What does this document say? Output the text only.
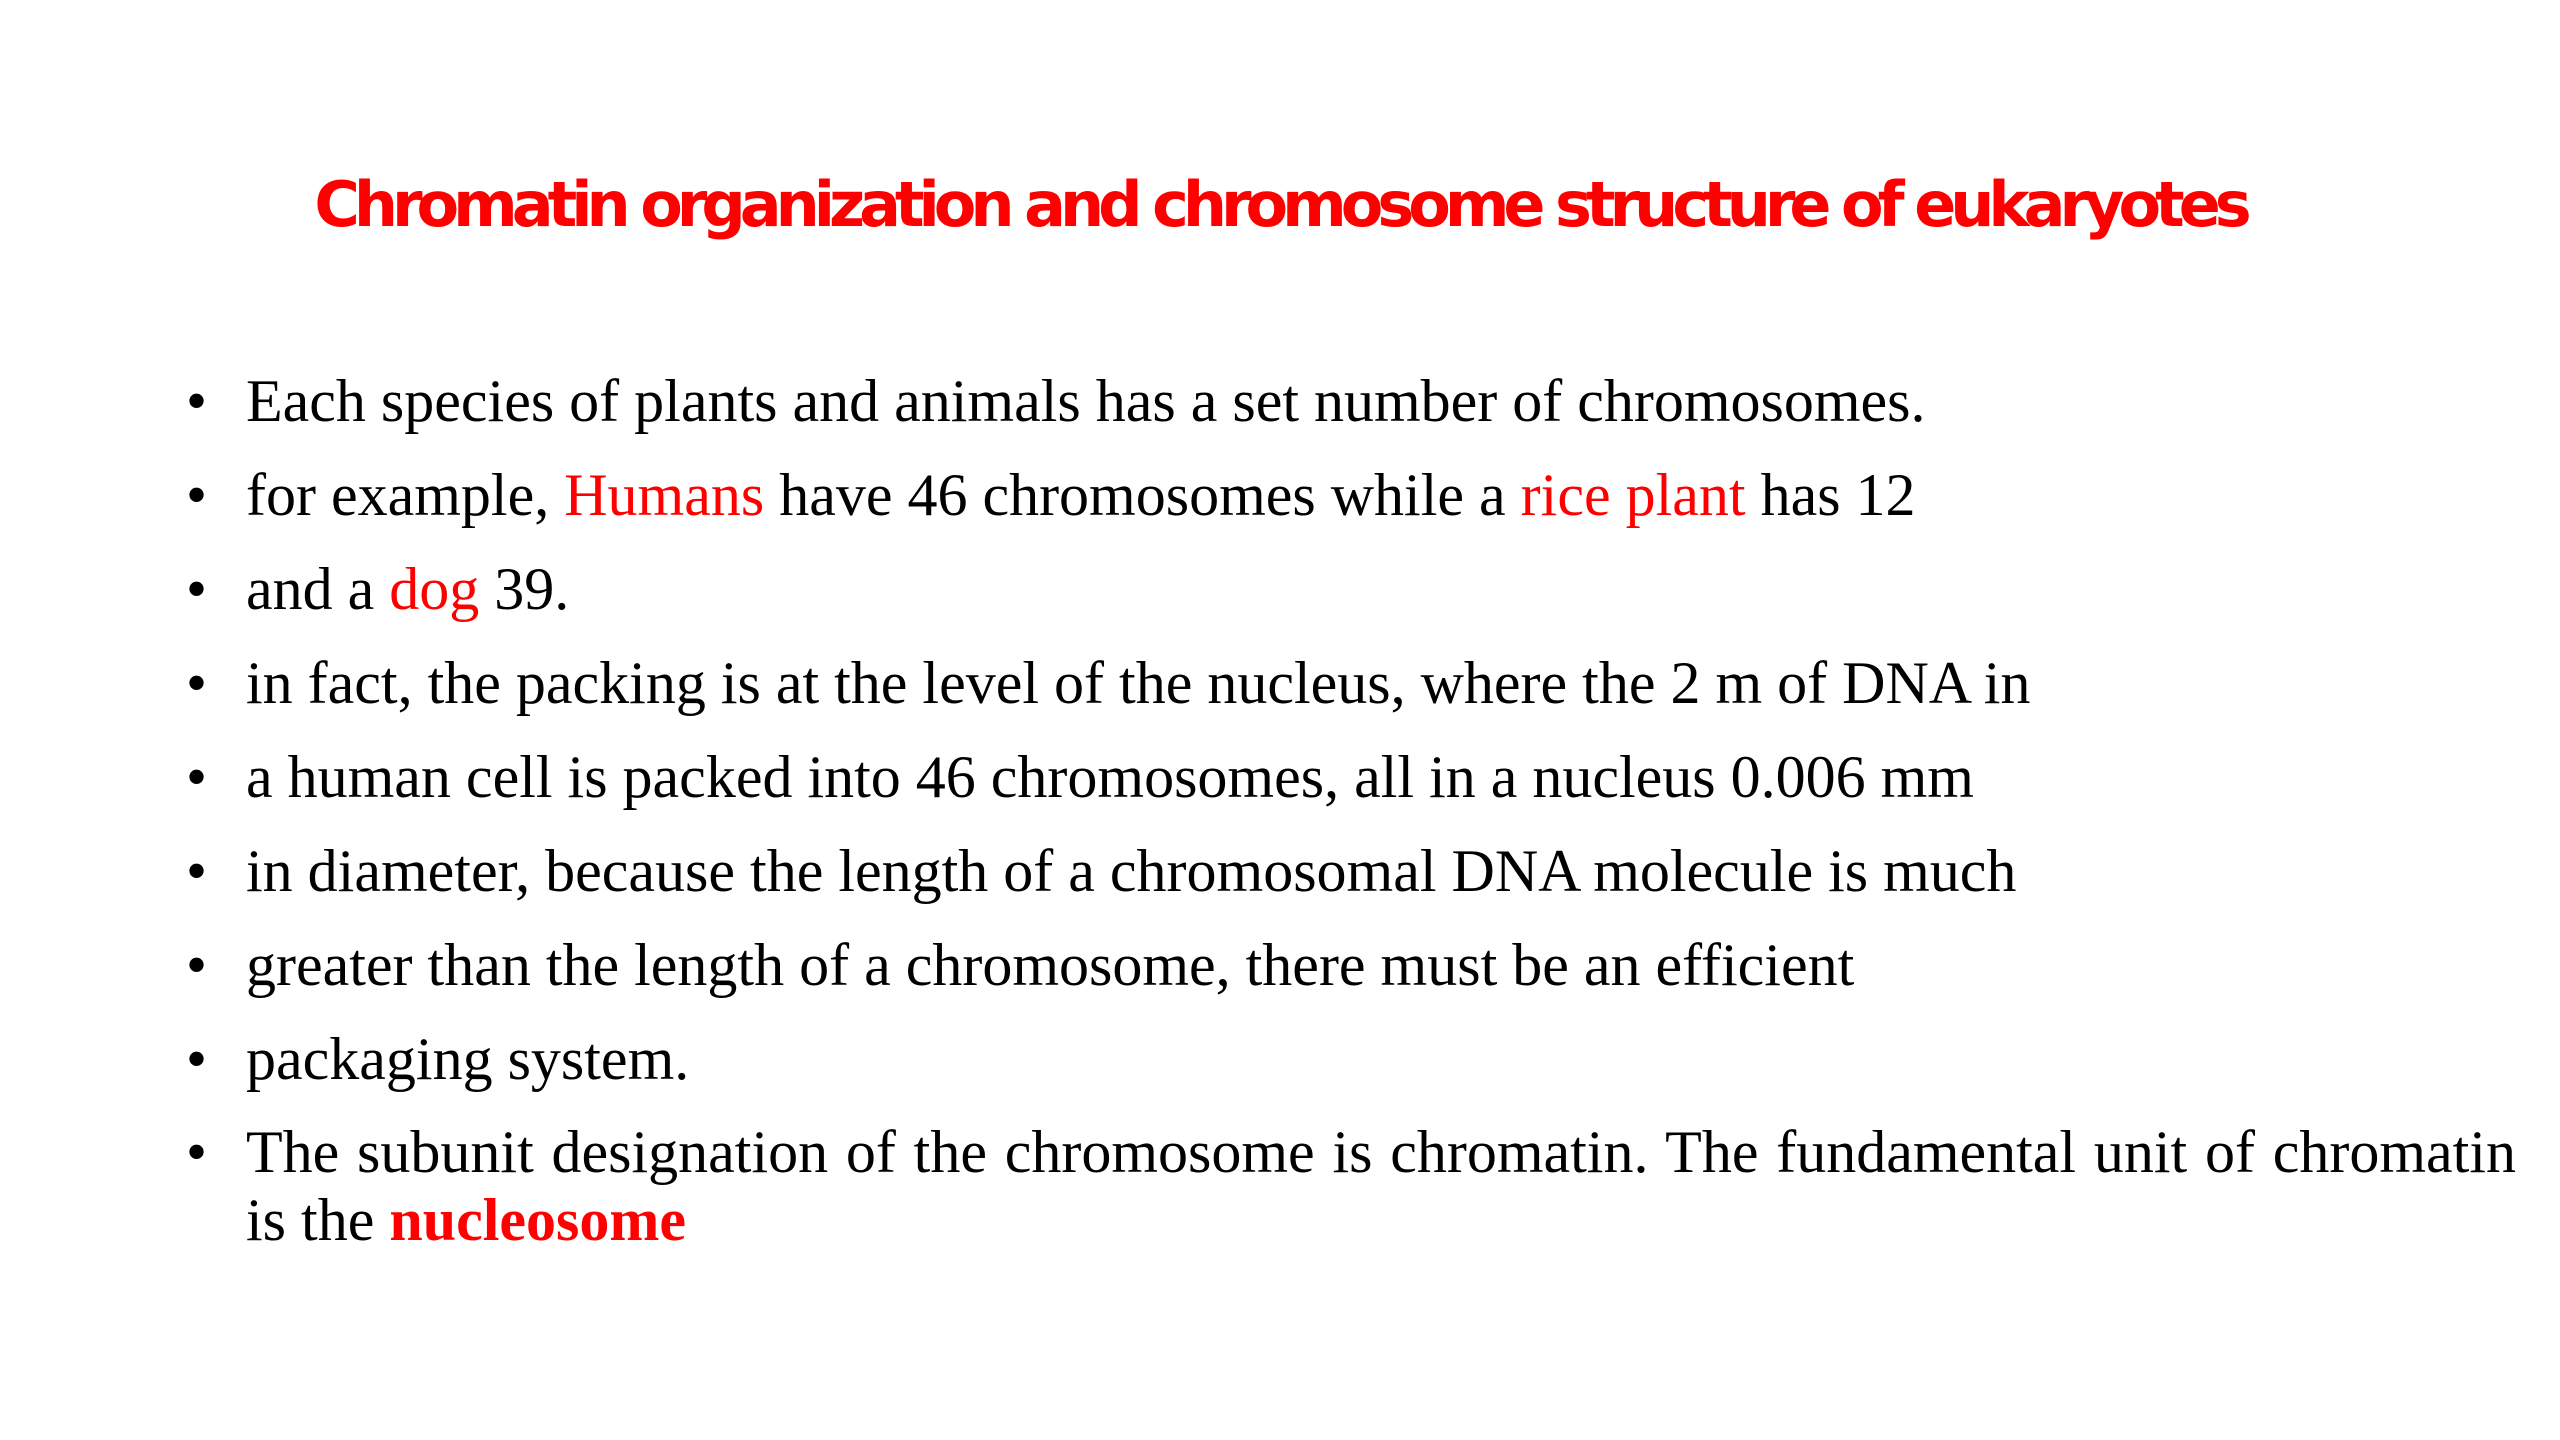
Chromatin organization and chromosome structure of eukaryotes
• Each species of plants and animals has a set number of chromosomes.
• for example, Humans have 46 chromosomes while a rice plant has 12
• and a dog 39.
• in fact, the packing is at the level of the nucleus, where the 2 m of DNA in
• a human cell is packed into 46 chromosomes, all in a nucleus 0.006 mm
• in diameter, because the length of a chromosomal DNA molecule is much
• greater than the length of a chromosome, there must be an efficient
• packaging system.
• The subunit designation of the chromosome is chromatin. The fundamental unit of chromatin is the nucleosome
